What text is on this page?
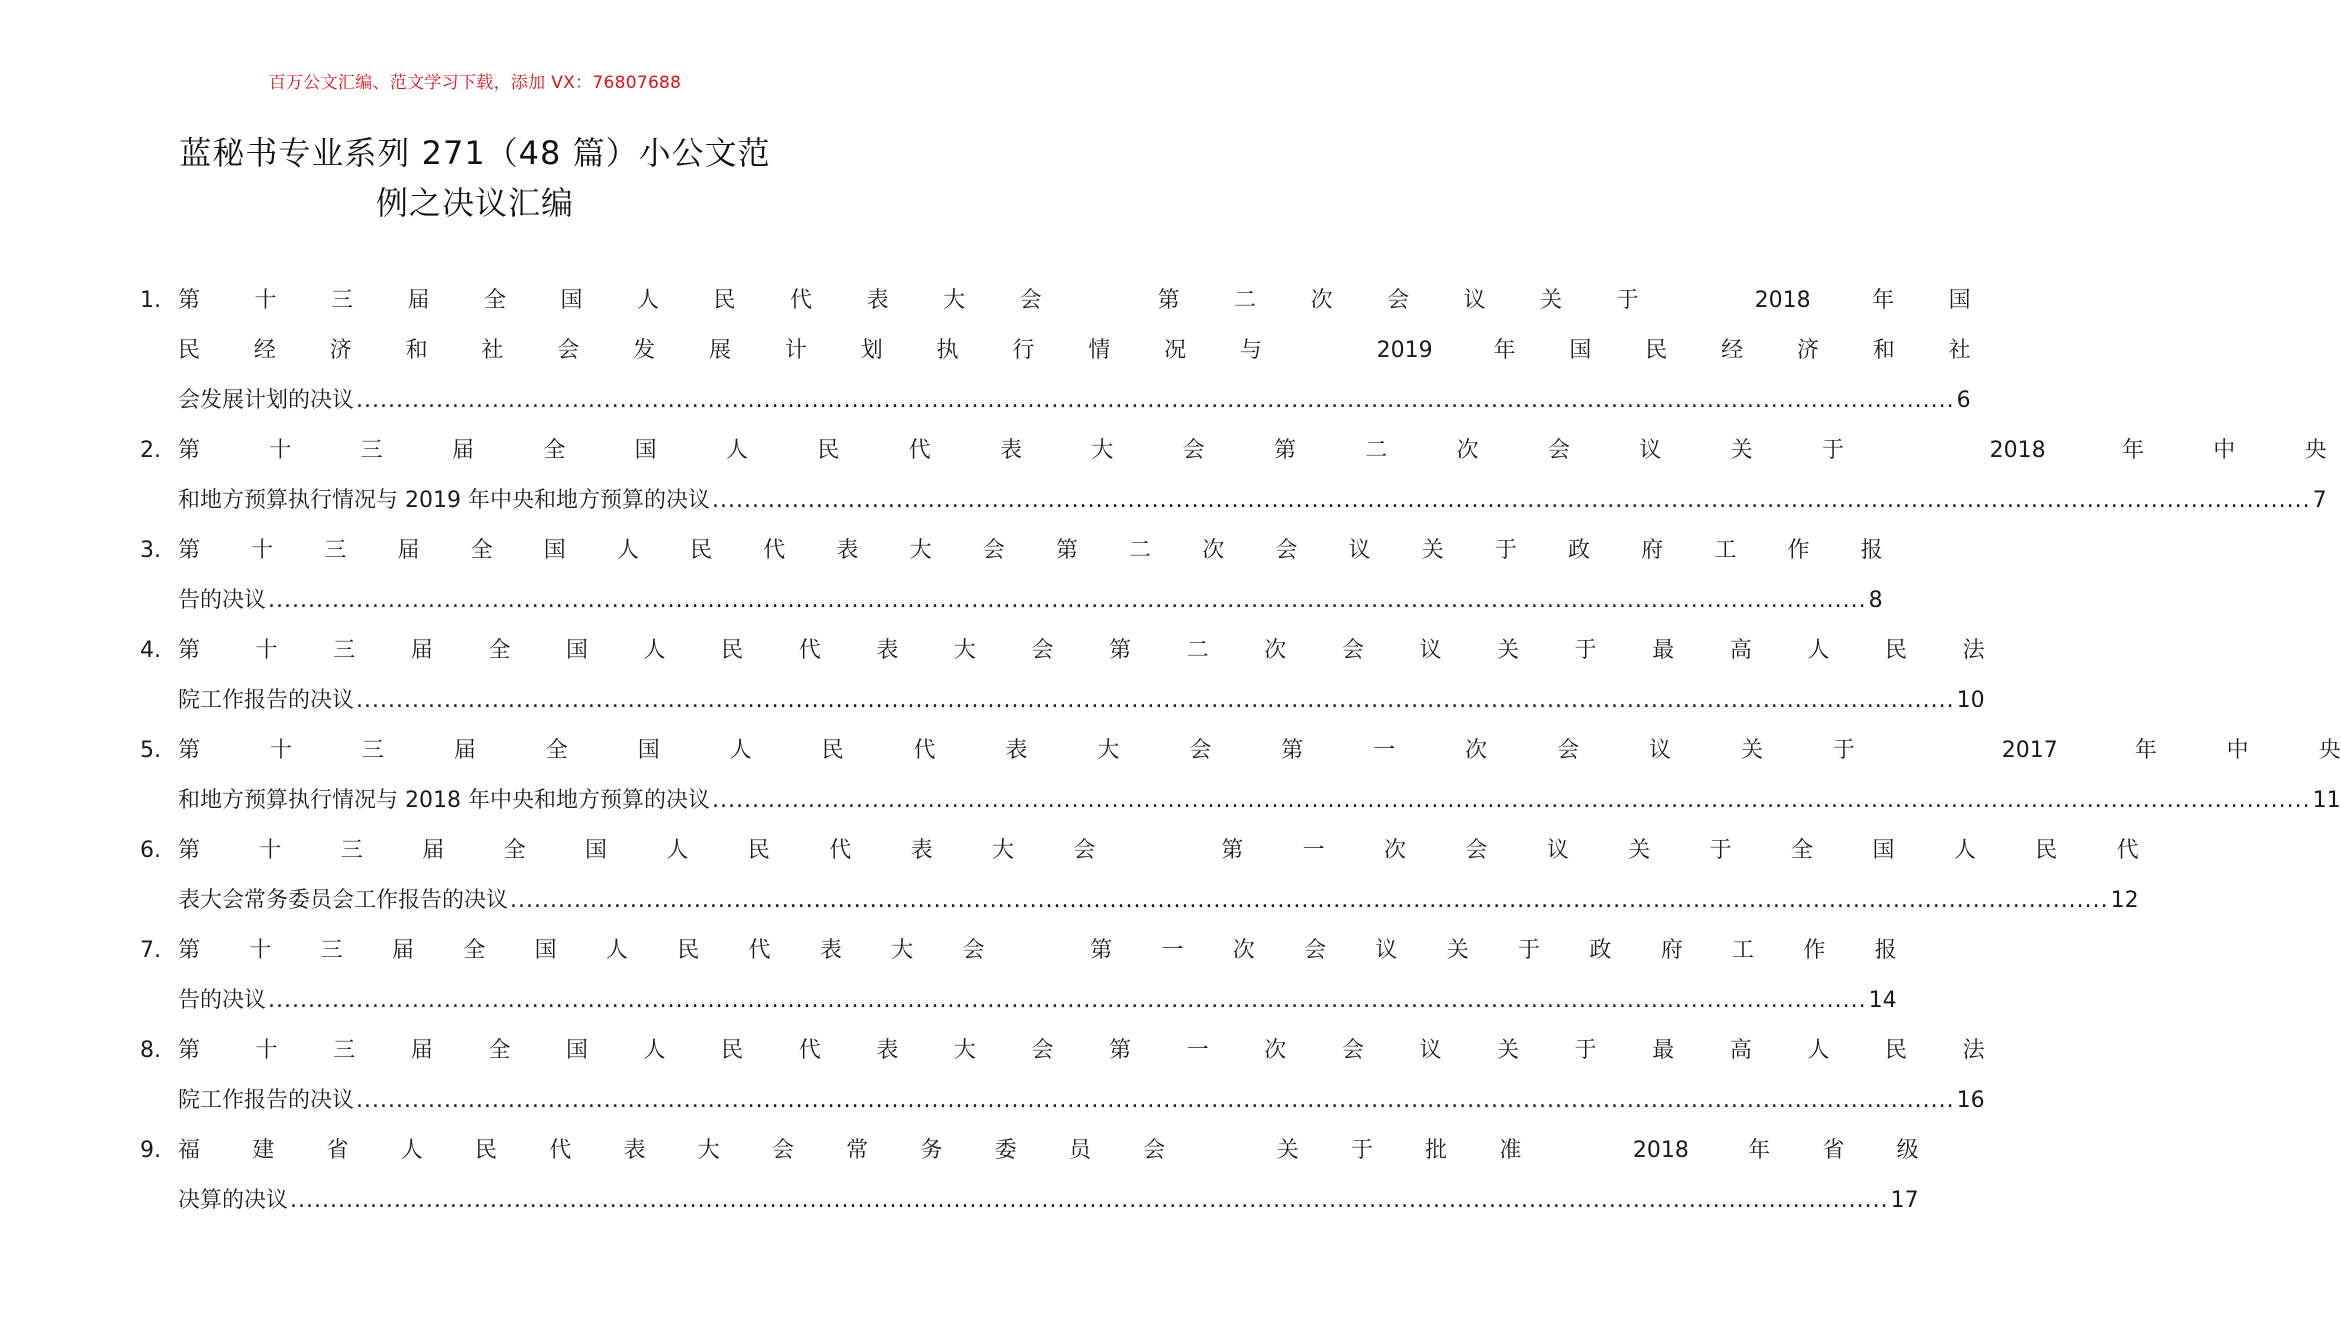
百万公文汇编、范文学习下载，添加 VX：76807688
蓝秘书专业系列 271（48 篇）小公文范
例之决议汇编
1. 第十三届全国人民代表大会 第二次会议关于 2018 年国
民经济和社会发展计划执行情况与 2019 年国民经济和社
会发展计划的决议 .....	6
2. 第十三届全国人民代表大会第二次会议关于 2018 年中央
和地方预算执行情况与 2019 年中央和地方预算的决议 .....	7
3. 第十三届全国人民代表大会第二次会议关于政府工作报
告的决议 .....	8
4. 第十三届全国人民代表大会第二次会议关于最高人民法
院工作报告的决议 .....	10
5. 第十三届全国人民代表大会第一次会议关于 2017 年中央
和地方预算执行情况与 2018 年中央和地方预算的决议 .....	11
6. 第十三届全国人民代表大会 第一次会议关于全国人民代
表大会常务委员会工作报告的决议 .....	12
7. 第十三届全国人民代表大会 第一次会议关于政府工作报
告的决议 .....	14
8. 第十三届全国人民代表大会第一次会议关于最高人民法
院工作报告的决议 .....	16
9. 福建省人民代表大会常务委员会 关于批准 2018 年省级
决算的决议 .....	17
